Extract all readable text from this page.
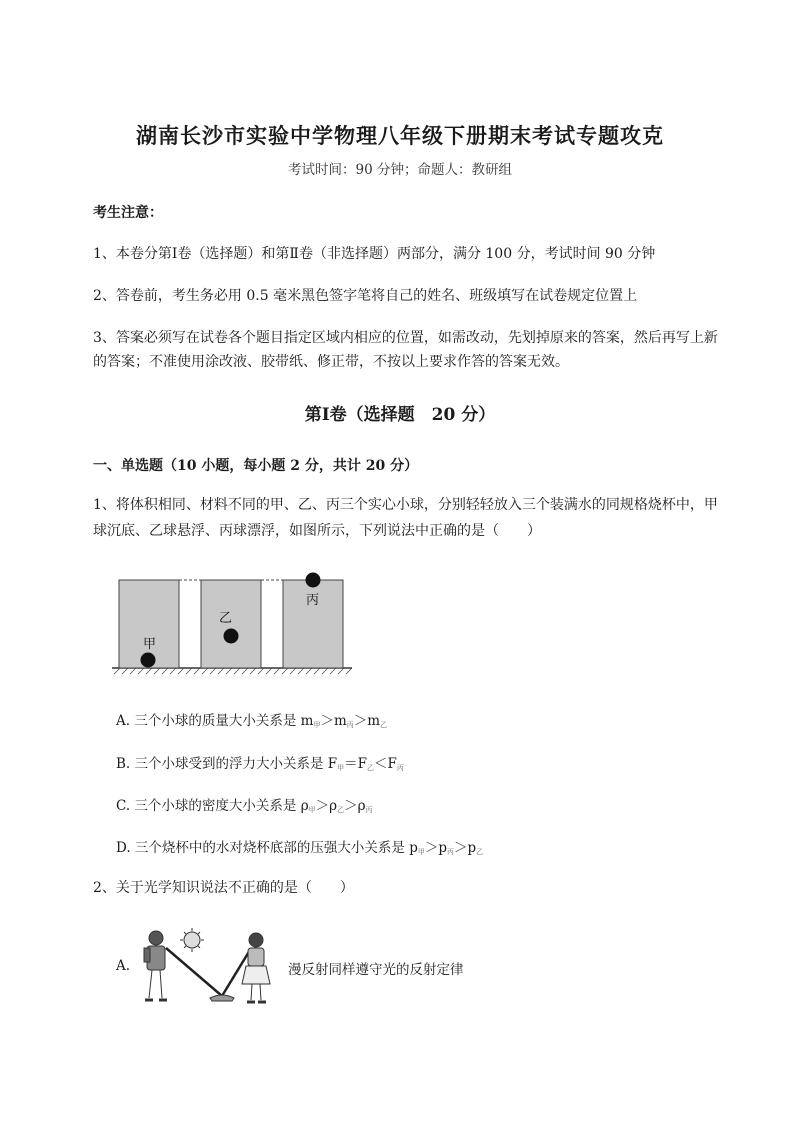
湖南长沙市实验中学物理八年级下册期末考试专题攻克
考试时间：90 分钟；命题人：教研组
考生注意：
1、本卷分第Ⅰ卷（选择题）和第Ⅱ卷（非选择题）两部分，满分 100 分，考试时间 90 分钟
2、答卷前，考生务必用 0.5 毫米黑色签字笔将自己的姓名、班级填写在试卷规定位置上
3、答案必须写在试卷各个题目指定区域内相应的位置，如需改动，先划掉原来的答案，然后再写上新
的答案；不准使用涂改液、胶带纸、修正带，不按以上要求作答的答案无效。
第Ⅰ卷（选择题　20 分）
一、单选题（10 小题，每小题 2 分，共计 20 分）
1、将体积相同、材料不同的甲、乙、丙三个实心小球，分别轻轻放入三个装满水的同规格烧杯中，甲
球沉底、乙球悬浮、丙球漂浮，如图所示，下列说法中正确的是（　　）
甲
乙
丙
A. 三个小球的质量大小关系是 $m_甲>m_丙>m_乙$
B. 三个小球受到的浮力大小关系是 $F_甲=F_乙<F_丙$
C. 三个小球的密度大小关系是 $\rho_甲>\rho_乙>\rho_丙$
D. 三个烧杯中的水对烧杯底部的压强大小关系是 $p_甲>p_丙>p_乙$
2、关于光学知识说法不正确的是（　　）
A.	漫反射同样遵守光的反射定律
